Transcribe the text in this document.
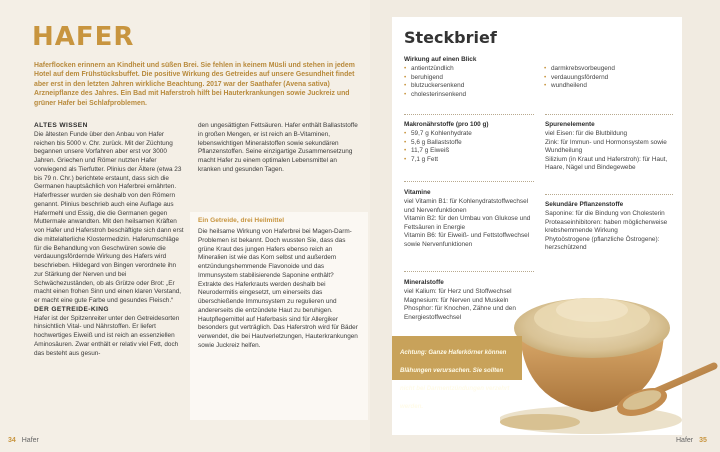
HAFER

Haferflocken erinnern an Kindheit und süßen Brei. Sie fehlen in keinem Müsli und stehen in jedem Hotel auf dem Frühstücksbuffet. Die positive Wirkung des Getreides auf unsere Gesundheit findet aber erst in den letzten Jahren wirkliche Beachtung. 2017 war der Saathafer (Avena sativa) Arzneipflanze des Jahres. Ein Bad mit Haferstroh hilft bei Hauterkrankungen sowie Juckreiz und grüner Hafer bei Schlafproblemen.

ALTES WISSEN

Die ältesten Funde über den Anbau von Hafer reichen bis 5000 v. Chr. zurück. Mit der Züchtung begannen unsere Vorfahren aber erst vor 3000 Jahren. Griechen und Römer nutzten Hafer vorwiegend als Tierfutter. Plinius der Ältere (etwa 23 bis 79 n. Chr.) berichtete erstaunt, dass sich die Germanen hauptsächlich von Haferbrei ernährten. Haferfresser wurden sie deshalb von den Römern genannt. Plinius beschrieb auch eine Auflage aus Hafermehl und Essig, die die Germanen gegen Muttermale anwandten. Mit den heilsamen Kräften von Hafer und Haferstroh beschäftigte sich dann erst die mittelalterliche Klostermedizin. Haferumschläge für die Behandlung von Geschwüren sowie die verdauungsfördernde Wirkung des Hafers wird beschrieben. Hildegard von Bingen verordnete ihn zur Stärkung der Nerven und bei Schwächezuständen, ob als Grütze oder Brot: „Er macht einen frohen Sinn und einen klaren Verstand, er macht eine gute Farbe und gesundes Fleisch.“

DER GETREIDE-KING

Hafer ist der Spitzenreiter unter den Getreidesorten hinsichtlich Vital- und Nährstoffen. Er liefert hochwertiges Eiweiß und ist reich an essenziellen Aminosäuren. Zwar enthält er relativ viel Fett, doch das besteht aus gesun-

den ungesättigten Fettsäuren. Hafer enthält Ballaststoffe in großen Mengen, er ist reich an B-Vitaminen, lebenswichtigen Mineralstoffen sowie sekundären Pflanzenstoffen. Seine einzigartige Zusammensetzung macht Hafer zu einem optimalen Lebensmittel an kranken und gesunden Tagen.

Ein Getreide, drei Heilmittel

Die heilsame Wirkung von Haferbrei bei Magen-Darm-Problemen ist bekannt. Doch wussten Sie, dass das grüne Kraut des jungen Hafers ebenso reich an Mineralien ist wie das Korn selbst und außerdem entzündungshemmende Flavonoide und das Immunsystem stabilisierende Saponine enthält? Extrakte des Haferkrauts werden deshalb bei Neurodermitis eingesetzt, um einerseits das überschießende Immunsystem zu regulieren und andererseits die entzündete Haut zu beruhigen. Hautpflegemittel auf Haferbasis sind für Allergiker besonders gut verträglich. Das Haferstroh wird für Bäder verwendet, die bei Hautverletzungen, Hauterkrankungen sowie Juckreiz helfen.

34 Hafer
Steckbrief

Wirkung auf einen Blick

• antientzündlich
• beruhigend
• blutzuckersenkend
• cholesterinsenkend
• darmkrebsvorbeugend
• verdauungsfördernd
• wundheilend

Makronährstoffe (pro 100 g)

• 59,7 g Kohlenhydrate
• 5,6 g Ballaststoffe
• 11,7 g Eiweiß
• 7,1 g Fett

Spurenelemente

viel Eisen: für die Blutbildung
Zink: für Immun- und Hormonsystem sowie Wundheilung
Silizium (in Kraut und Haferstroh): für Haut, Haare, Nägel und Bindegewebe

Vitamine

viel Vitamin B1: für Kohlenydratstoffwechsel und Nervenfunktionen
Vitamin B2: für den Umbau von Glukose und Fettsäuren in Energie
Vitamin B6: für Eiweiß- und Fettstoffwechsel sowie Nervenfunktionen

Sekundäre Pflanzenstoffe

Saponine: für die Bindung von Cholesterin
Proteaseinhibitoren: haben möglicherweise krebshemmende Wirkung
Phytoöstrogene (pflanzliche Östrogene): herzschützend

Mineralstoffe

viel Kalium: für Herz und Stoffwechsel
Magnesium: für Nerven und Muskeln
Phosphor: für Knochen, Zähne und den Energiestoffwechsel
Achtung: Ganze Haferkörner können Blähungen verursachen. Sie sollten nicht bei Darmentzündungen verzehrt werden.
Hafer 35
